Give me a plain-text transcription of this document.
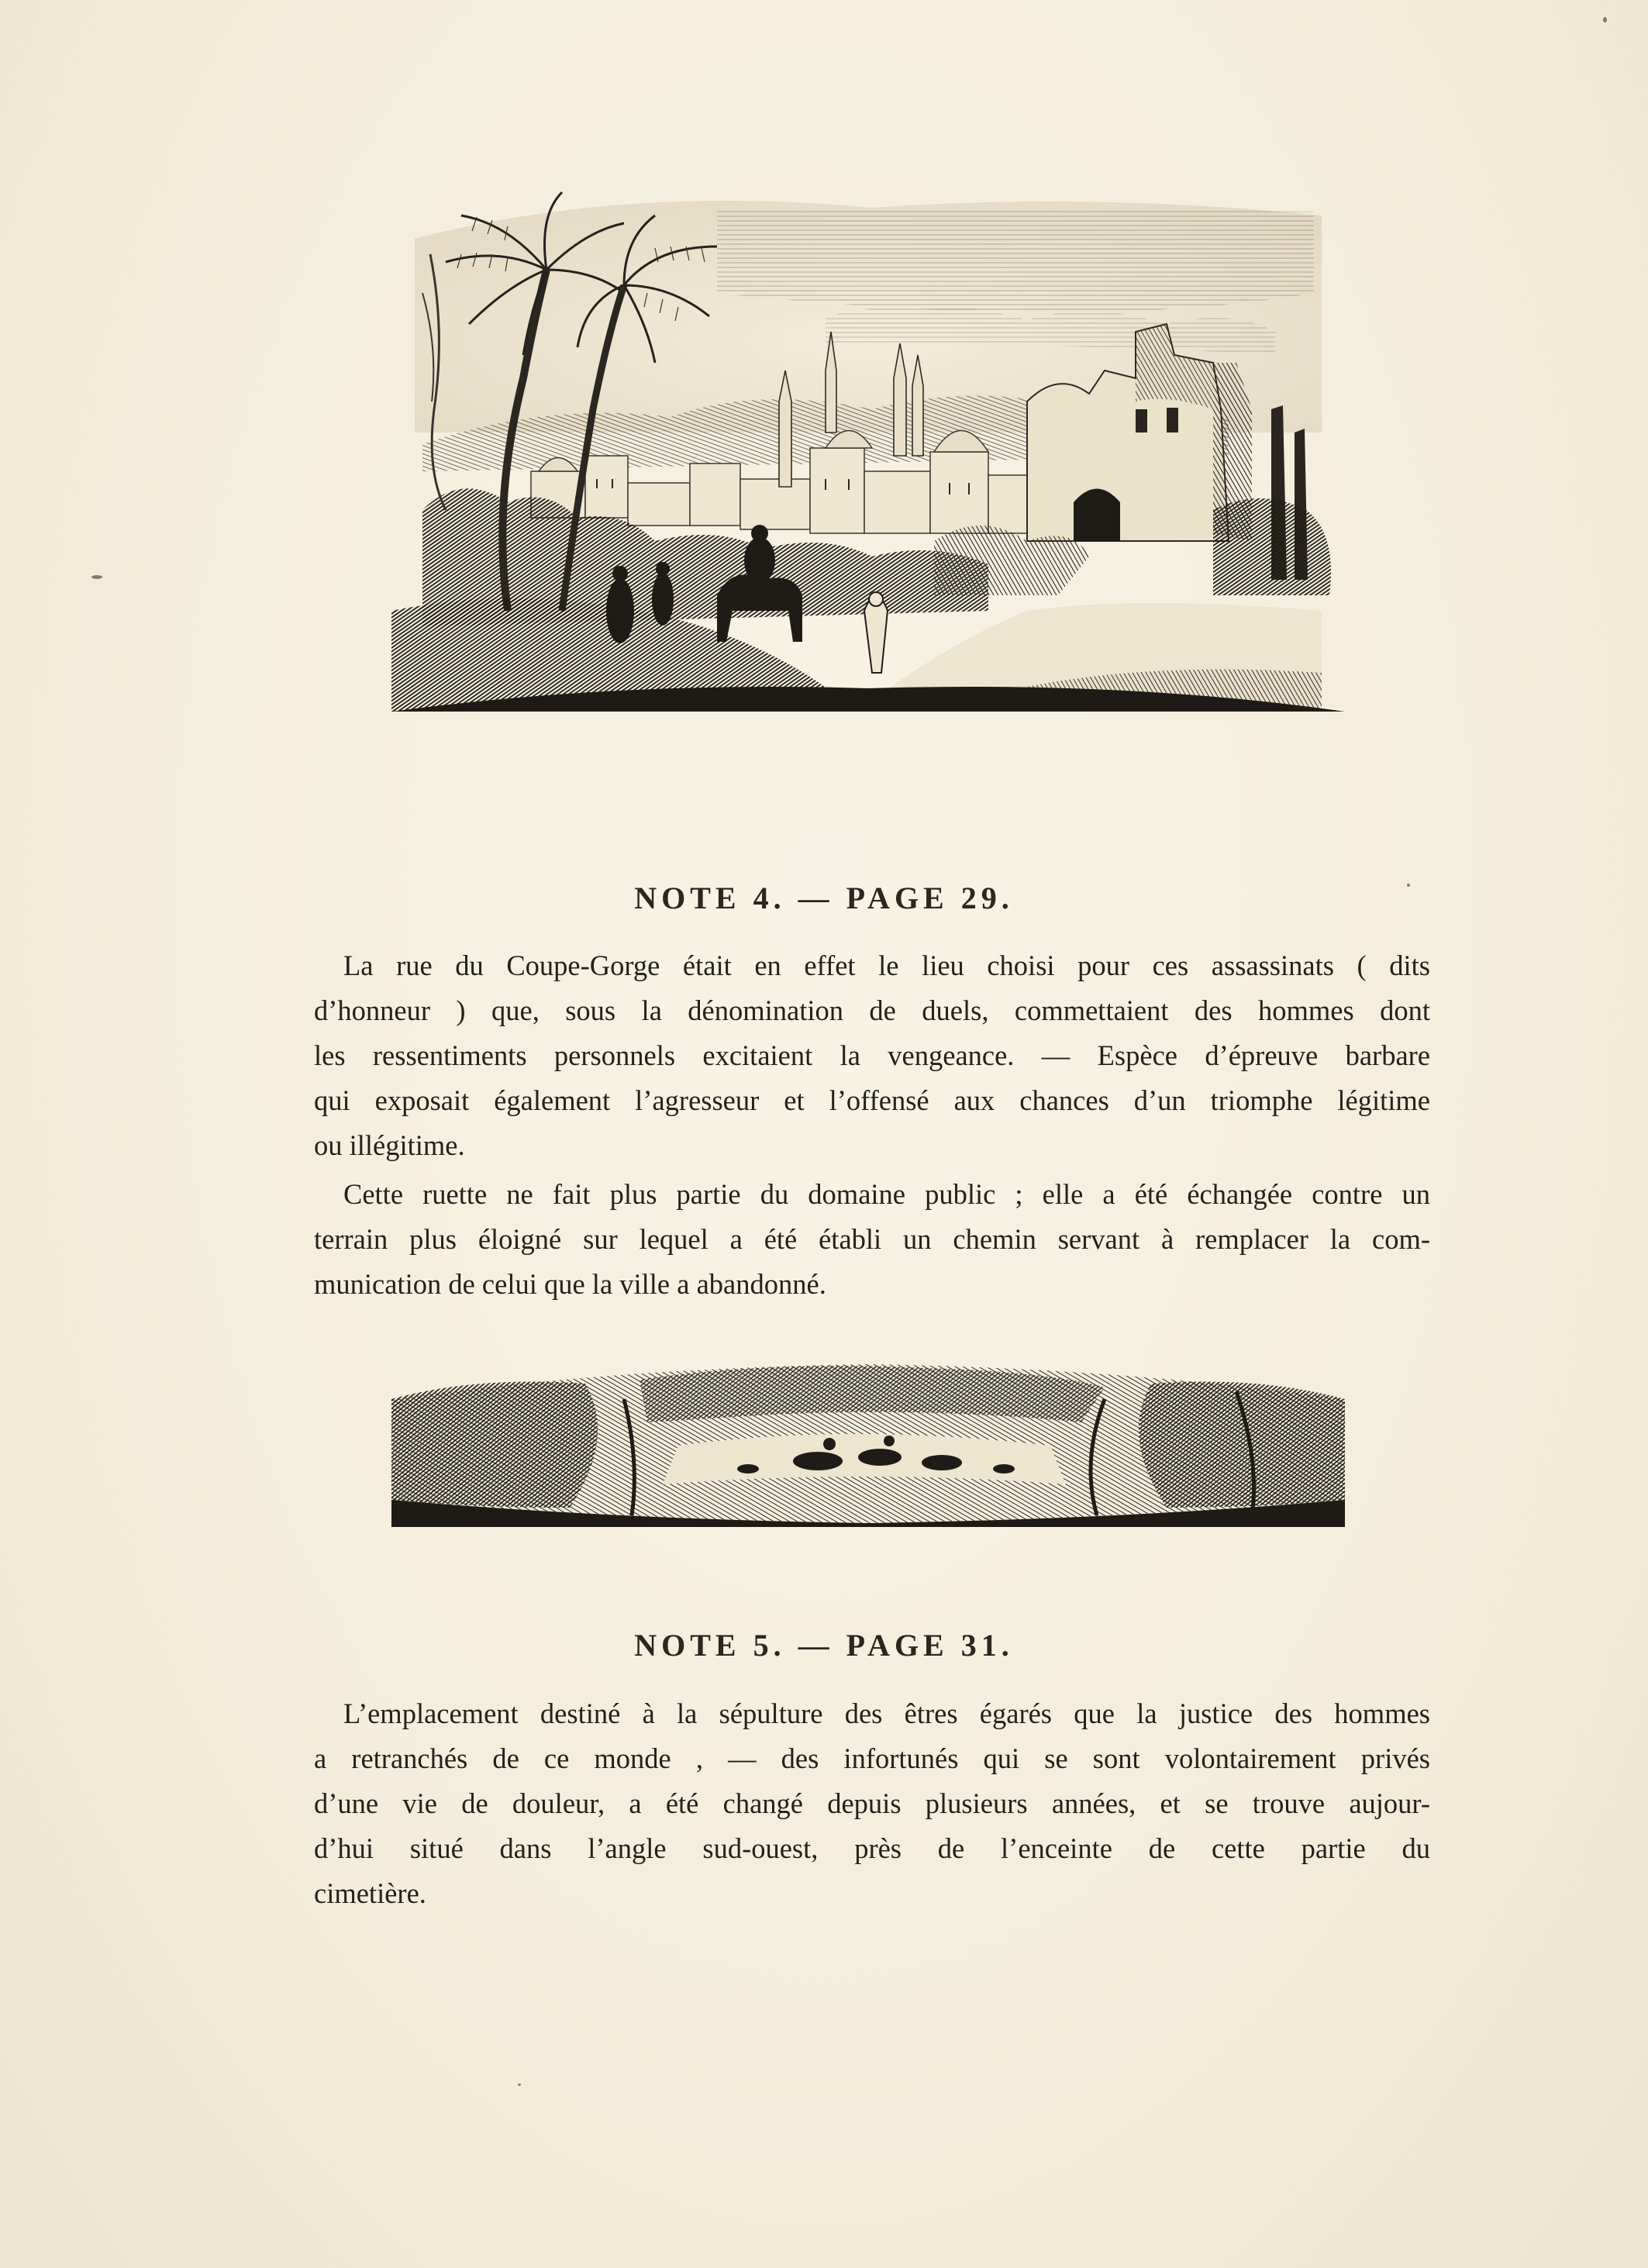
NOTE 4. — PAGE 29.

La rue du Coupe-Gorge était en effet le lieu choisi pour ces assassinats ( dits
d’honneur ) que, sous la dénomination de duels, commettaient des hommes dont
les ressentiments personnels excitaient la vengeance. — Espèce d’épreuve barbare
qui exposait également l’agresseur et l’offensé aux chances d’un triomphe légitime
ou illégitime.

Cette ruette ne fait plus partie du domaine public ; elle a été échangée contre un
terrain plus éloigné sur lequel a été établi un chemin servant à remplacer la com-
munication de celui que la ville a abandonné.

NOTE 5. — PAGE 31.

L’emplacement destiné à la sépulture des êtres égarés que la justice des hommes
a retranchés de ce monde , — des infortunés qui se sont volontairement privés
d’une vie de douleur, a été changé depuis plusieurs années, et se trouve aujour-
d’hui situé dans l’angle sud-ouest, près de l’enceinte de cette partie du
cimetière.
